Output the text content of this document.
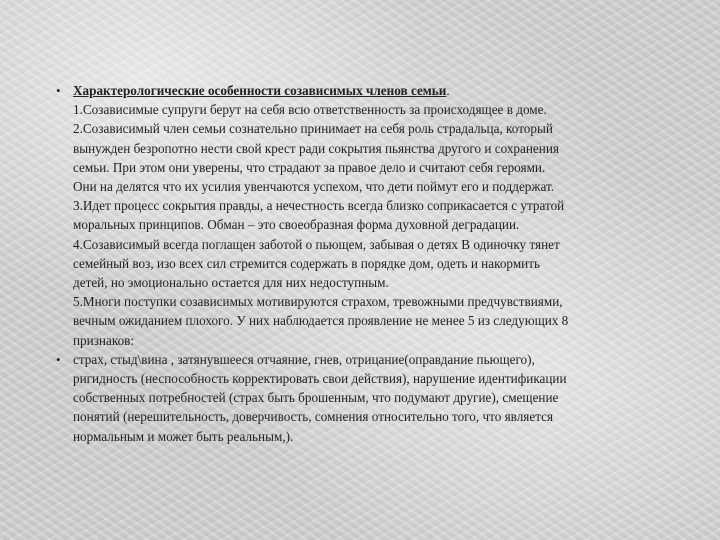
• Характерологические особенности созависимых членов семьи.
1.Созависимые супруги берут на себя всю ответственность за происходящее в доме.
2.Созависимый член семьи сознательно принимает на себя роль страдальца, который
вынужден безропотно нести свой крест ради сокрытия пьянства другого и сохранения
семьи. При этом они уверены, что страдают за правое дело и считают себя героями.
Они на делятся что их усилия увенчаются успехом, что дети поймут его и поддержат.
3.Идет процесс сокрытия правды, а нечестность всегда близко соприкасается с утратой
моральных принципов. Обман – это своеобразная форма духовной деградации.
4.Созависимый всегда поглащен заботой о пьющем, забывая о детях В одиночку тянет
семейный воз, изо всех сил стремится содержать в порядке дом, одеть и накормить
детей, но эмоционально остается для них недоступным.
5.Многи поступки созависимых мотивируются страхом, тревожными предчувствиями,
вечным ожиданием плохого. У них наблюдается проявление не менее 5 из следующих 8
признаков:
• страх, стыд\вина , затянувшееся отчаяние, гнев, отрицание(оправдание пьющего),
ригидность (неспособность корректировать свои действия), нарушение идентификации
собственных потребностей (страх быть брошенным, что подумают другие), смещение
понятий (нерешительность, доверчивость, сомнения относительно того, что является
нормальным и может быть реальным,).
